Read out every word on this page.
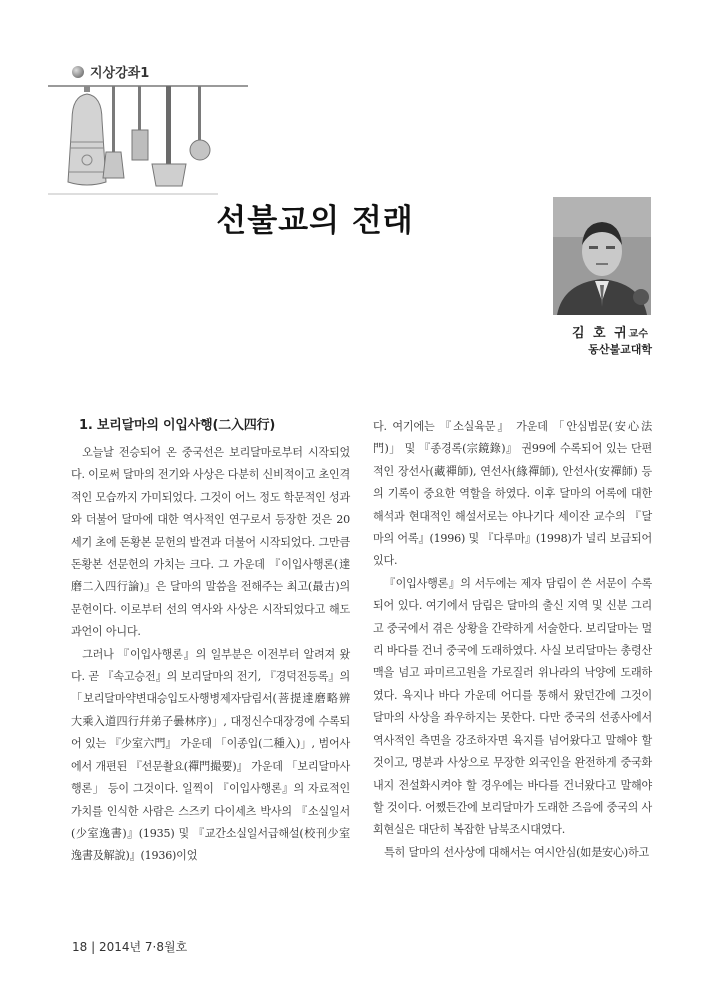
지상강좌1
선불교의 전래
김 호 귀교수
동산불교대학
1. 보리달마의 이입사행(二入四行)

오늘날 전승되어 온 중국선은 보리달마로부터 시작되었다. 이로써 달마의 전기와 사상은 다분히 신비적이고 초인격적인 모습까지 가미되었다. 그것이 어느 정도 학문적인 성과와 더불어 달마에 대한 역사적인 연구로서 등장한 것은 20세기 초에 돈황본 문헌의 발견과 더불어 시작되었다. 그만큼 돈황본 선문헌의 가치는 크다. 그 가운데 『이입사행론(達磨二入四行論)』은 달마의 말씀을 전해주는 최고(最古)의 문헌이다. 이로부터 선의 역사와 사상은 시작되었다고 해도 과언이 아니다.

그러나 『이입사행론』의 일부분은 이전부터 알려져 왔다. 곧 『속고승전』의 보리달마의 전기, 『경덕전등록』의 「보리달마약변대승입도사행병제자담림서(菩提達磨略辨大乘入道四行幷弟子曇林序)」, 대정신수대장경에 수록되어 있는 『少室六門』 가운데 「이종입(二種入)」, 범어사에서 개편된 『선문촬요(禪門撮要)』 가운데 「보리달마사행론」 등이 그것이다. 일찍이 『이입사행론』의 자료적인 가치를 인식한 사람은 스즈키 다이세츠 박사의 『소실일서(少室逸書)』(1935) 및 『교간소실일서급해설(校刊少室逸書及解說)』(1936)이었

다. 여기에는 『소실육문』 가운데 「안심법문(安心法門)」 및 『종경록(宗鏡錄)』 권99에 수록되어 있는 단편적인 장선사(藏禪師), 연선사(緣禪師), 안선사(安禪師) 등의 기록이 중요한 역할을 하였다. 이후 달마의 어록에 대한 해석과 현대적인 해설서로는 야나기다 세이잔 교수의 『달마의 어록』(1996) 및 『다루마』(1998)가 널리 보급되어 있다.

『이입사행론』의 서두에는 제자 담림이 쓴 서문이 수록되어 있다. 여기에서 담림은 달마의 출신 지역 및 신분 그리고 중국에서 겪은 상황을 간략하게 서술한다. 보리달마는 멀리 바다를 건너 중국에 도래하였다. 사실 보리달마는 총령산맥을 넘고 파미르고원을 가로질러 위나라의 낙양에 도래하였다. 육지나 바다 가운데 어디를 통해서 왔던간에 그것이 달마의 사상을 좌우하지는 못한다. 다만 중국의 선종사에서 역사적인 측면을 강조하자면 육지를 넘어왔다고 말해야 할 것이고, 명분과 사상으로 무장한 외국인을 완전하게 중국화 내지 전설화시켜야 할 경우에는 바다를 건너왔다고 말해야 할 것이다. 어쨌든간에 보리달마가 도래한 즈음에 중국의 사회현실은 대단히 복잡한 남북조시대였다.

특히 달마의 선사상에 대해서는 여시안심(如是安心)하고

18 | 2014년 7·8월호
